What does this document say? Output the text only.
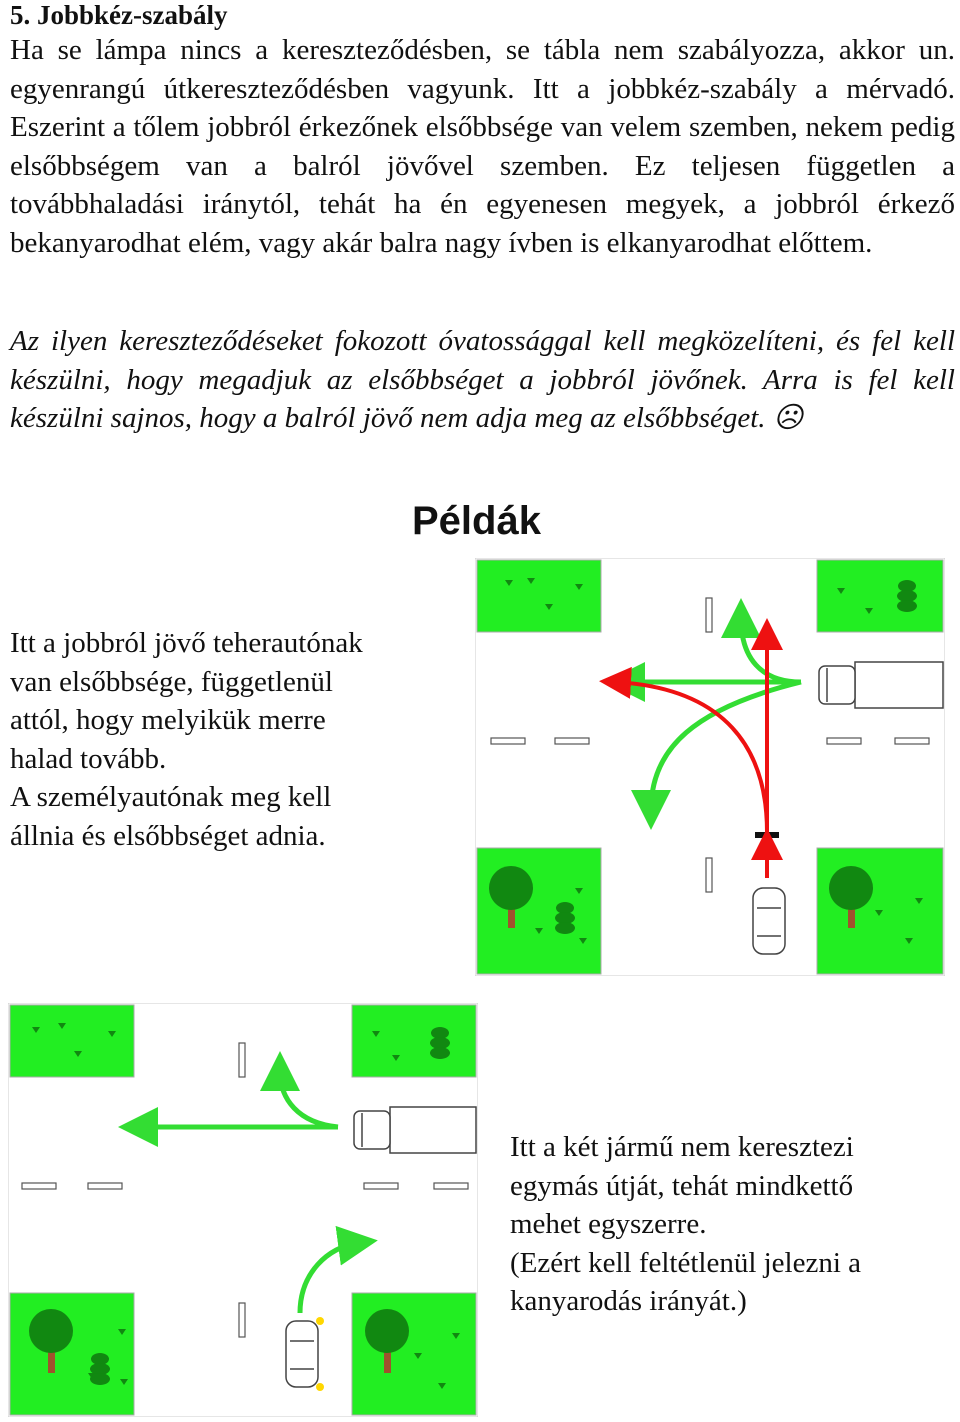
5. Jobbkéz-szabály

Ha se lámpa nincs a kereszteződésben, se tábla nem szabályozza, akkor un. egyenrangú útkereszteződésben vagyunk. Itt a jobbkéz-szabály a mérvadó. Eszerint a tőlem jobbról érkezőnek elsőbbsége van velem szemben, nekem pedig elsőbbségem van a balról jövővel szemben. Ez teljesen független a továbbhaladási iránytól, tehát ha én egyenesen megyek, a jobbról érkező bekanyarodhat elém, vagy akár balra nagy ívben is elkanyarodhat előttem.

Az ilyen kereszteződéseket fokozott óvatossággal kell megközelíteni, és fel kell készülni, hogy megadjuk az elsőbbséget a jobbról jövőnek. Arra is fel kell készülni sajnos, hogy a balról jövő nem adja meg az elsőbbséget. ☹

Példák
Itt a jobbról jövő teherautónak
van elsőbbsége, függetlenül
attól, hogy melyikük merre
halad tovább.
A személyautónak meg kell
állnia és elsőbbséget adnia.
Itt a két jármű nem keresztezi
egymás útját, tehát mindkettő
mehet egyszerre.
(Ezért kell feltétlenül jelezni a
kanyarodás irányát.)
